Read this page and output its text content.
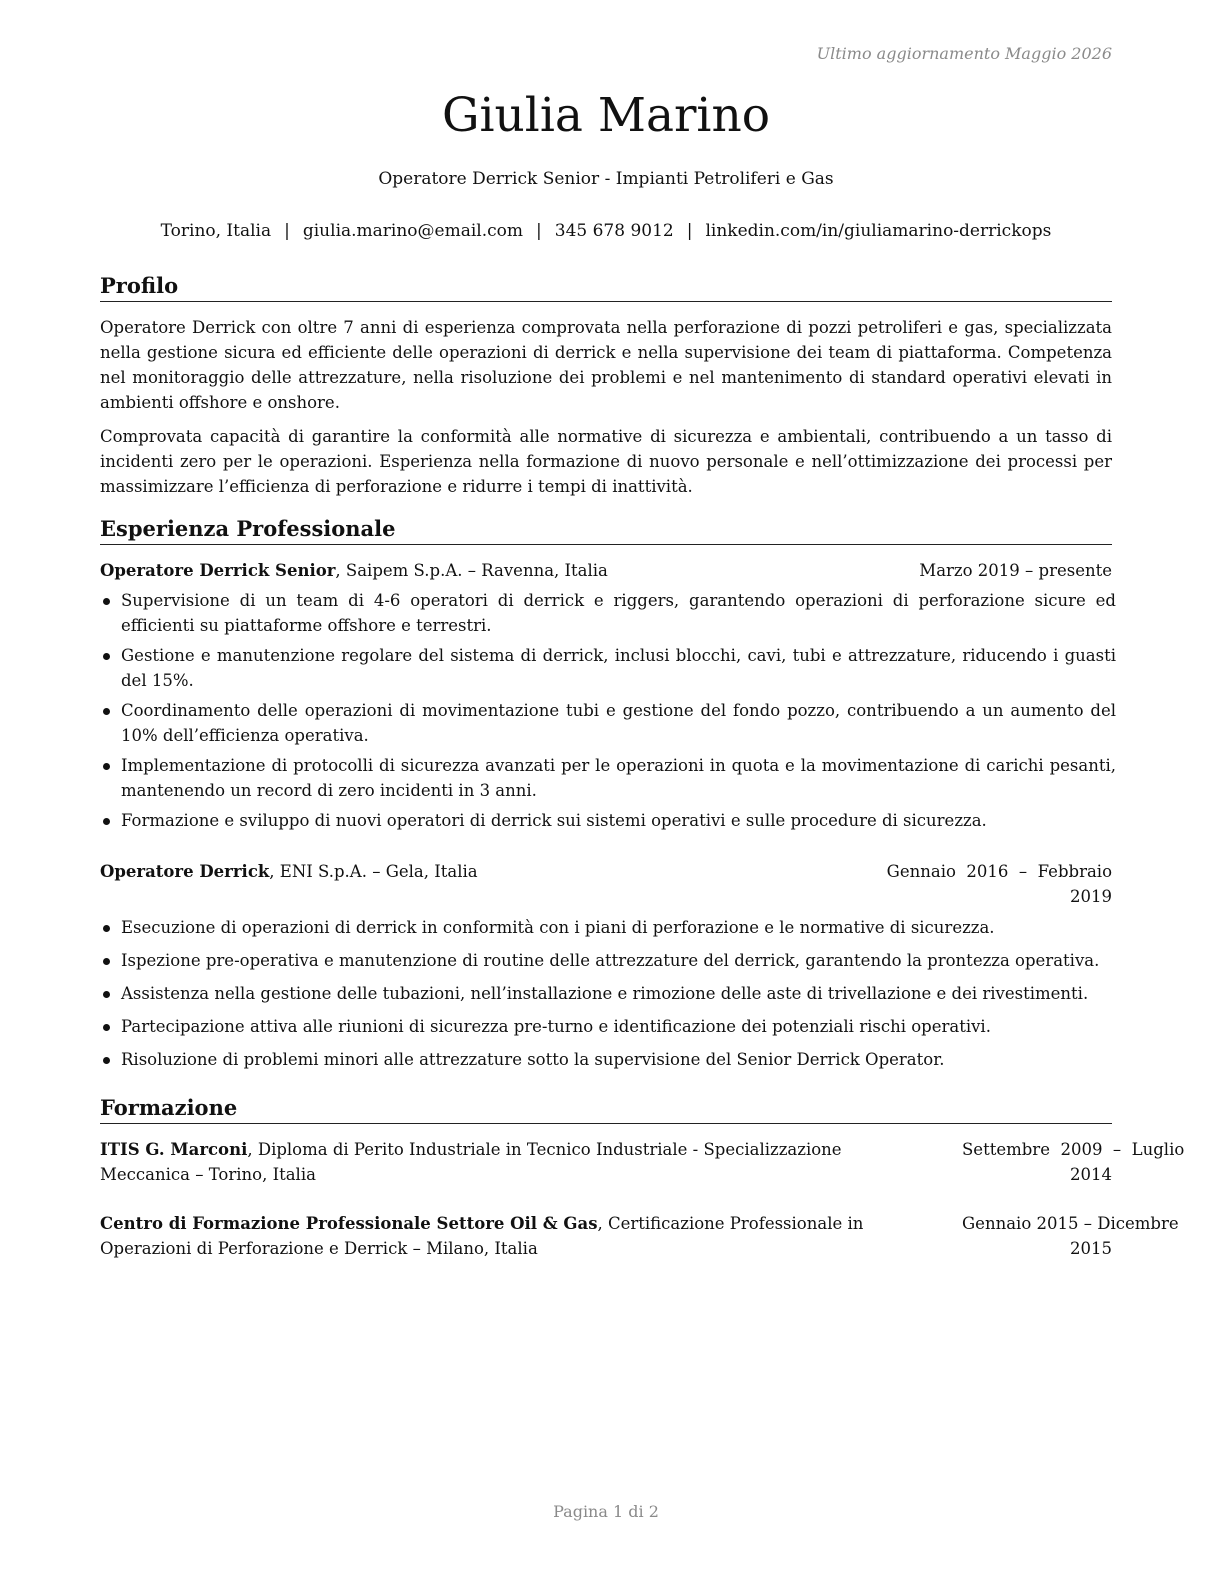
Ultimo aggiornamento Maggio 2026
Giulia Marino
Operatore Derrick Senior - Impianti Petroliferi e Gas
Torino, Italia | giulia.marino@email.com | 345 678 9012 | linkedin.com/in/giuliamarino-derrickops
Profilo
Operatore Derrick con oltre 7 anni di esperienza comprovata nella perforazione di pozzi petroliferi e gas, specializzata nella gestione sicura ed efficiente delle operazioni di derrick e nella supervisione dei team di piattaforma. Competenza nel monitoraggio delle attrezzature, nella risoluzione dei problemi e nel mantenimento di standard operativi elevati in ambienti offshore e onshore.
Comprovata capacità di garantire la conformità alle normative di sicurezza e ambientali, contribuendo a un tasso di incidenti zero per le operazioni. Esperienza nella formazione di nuovo personale e nell’ottimizzazione dei processi per massimizzare l’efficienza di perforazione e ridurre i tempi di inattività.
Esperienza Professionale
Operatore Derrick Senior, Saipem S.p.A. – Ravenna, Italia	Marzo 2019 – presente
Supervisione di un team di 4-6 operatori di derrick e riggers, garantendo operazioni di perforazione sicure ed efficienti su piattaforme offshore e terrestri.
Gestione e manutenzione regolare del sistema di derrick, inclusi blocchi, cavi, tubi e attrezzature, riducendo i guasti del 15%.
Coordinamento delle operazioni di movimentazione tubi e gestione del fondo pozzo, contribuendo a un aumento del 10% dell’efficienza operativa.
Implementazione di protocolli di sicurezza avanzati per le operazioni in quota e la movimentazione di carichi pesanti, mantenendo un record di zero incidenti in 3 anni.
Formazione e sviluppo di nuovi operatori di derrick sui sistemi operativi e sulle procedure di sicurezza.
Operatore Derrick, ENI S.p.A. – Gela, Italia	Gennaio  2016  –  Febbraio
2019
Esecuzione di operazioni di derrick in conformità con i piani di perforazione e le normative di sicurezza.
Ispezione pre-operativa e manutenzione di routine delle attrezzature del derrick, garantendo la prontezza operativa.
Assistenza nella gestione delle tubazioni, nell’installazione e rimozione delle aste di trivellazione e dei rivestimenti.
Partecipazione attiva alle riunioni di sicurezza pre-turno e identificazione dei potenziali rischi operativi.
Risoluzione di problemi minori alle attrezzature sotto la supervisione del Senior Derrick Operator.
Formazione
ITIS G. Marconi, Diploma di Perito Industriale in Tecnico Industriale - Specializzazione
Meccanica – Torino, Italia
Settembre  2009  –  Luglio
2014
Centro di Formazione Professionale Settore Oil & Gas, Certificazione Professionale in
Operazioni di Perforazione e Derrick – Milano, Italia
Gennaio 2015 – Dicembre
2015
Pagina 1 di 2
